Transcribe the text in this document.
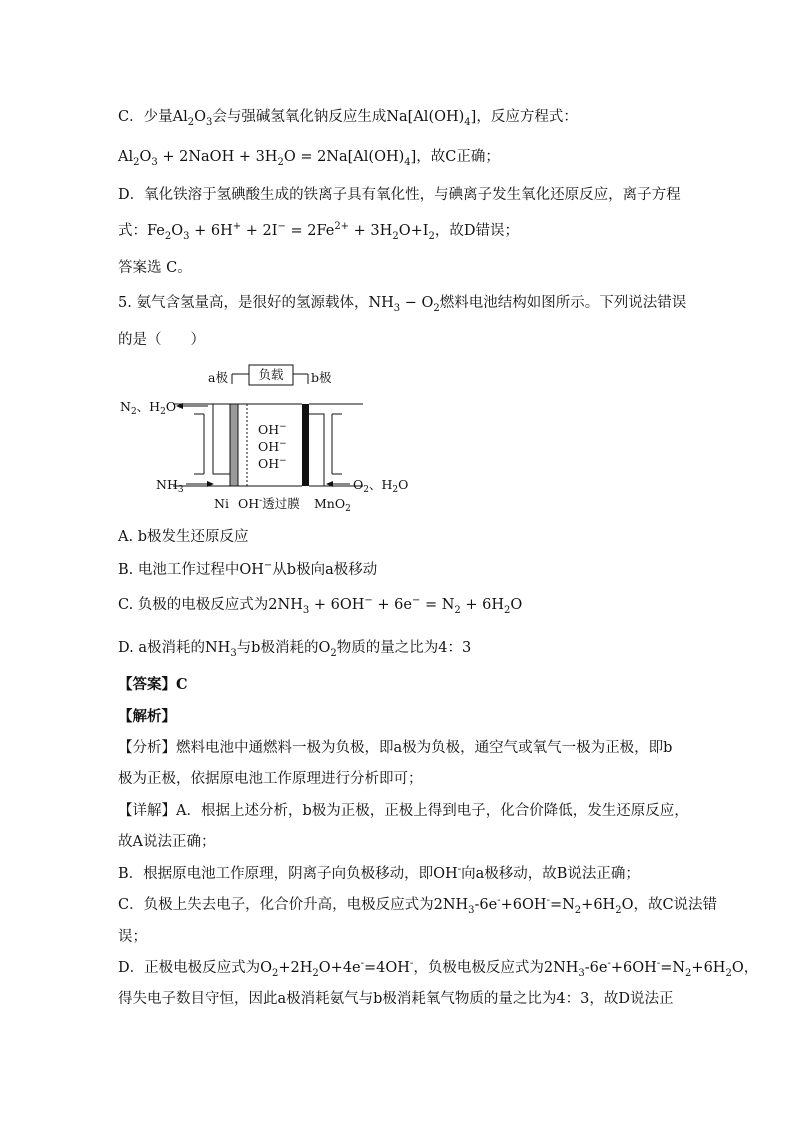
C．少量$Al_2O_3$会与强碱氢氧化钠反应生成$Na[Al(OH)_4]$，反应方程式：
$Al_2O_3$ + 2NaOH + $3H_2O = 2Na[Al(OH)_4]$，故C正确；
D．氧化铁溶于氢碘酸生成的铁离子具有氧化性，与碘离子发生氧化还原反应，离子方程
式：$Fe_2O_3 + 6H^+ + 2I^- = 2Fe^{2+} + 3H_2O+I_2$，故D错误；
答案选 C。
5. 氨气含氢量高，是很好的氢源载体，$NH_3 - O_2$燃料电池结构如图所示。下列说法错误
的是（　　）
负载
a极	b极
$N_2$、$H_2O$
$NH_3$
OH−
OH−
OH−
$O_2$、$H_2O$
Ni OH-透过膜 MnO$_2$
A. b极发生还原反应
B. 电池工作过程中OH−从b极向a极移动
C. 负极的电极反应式为$2NH_3 + 6OH^- + 6e^- = N_2 + 6H_2O$
D. a极消耗的$NH_3$与b极消耗的$O_2$物质的量之比为4：3
【答案】C
【解析】
【分析】燃料电池中通燃料一极为负极，即a极为负极，通空气或氧气一极为正极，即b
极为正极，依据原电池工作原理进行分析即可；
【详解】A．根据上述分析，b极为正极，正极上得到电子，化合价降低，发生还原反应，
故A说法正确；
B．根据原电池工作原理，阴离子向负极移动，即OH-向a极移动，故B说法正确；
C．负极上失去电子，化合价升高，电极反应式为$2NH_3-6e^-+6OH^-=N_2+6H_2O$，故C说法错
误；
D．正极电极反应式为$O_2+2H_2O+4e^-=4OH^-$，负极电极反应式为$2NH_3-6e^-+6OH^-=N_2+6H_2O$，
得失电子数目守恒，因此a极消耗氨气与b极消耗氧气物质的量之比为4：3，故D说法正
